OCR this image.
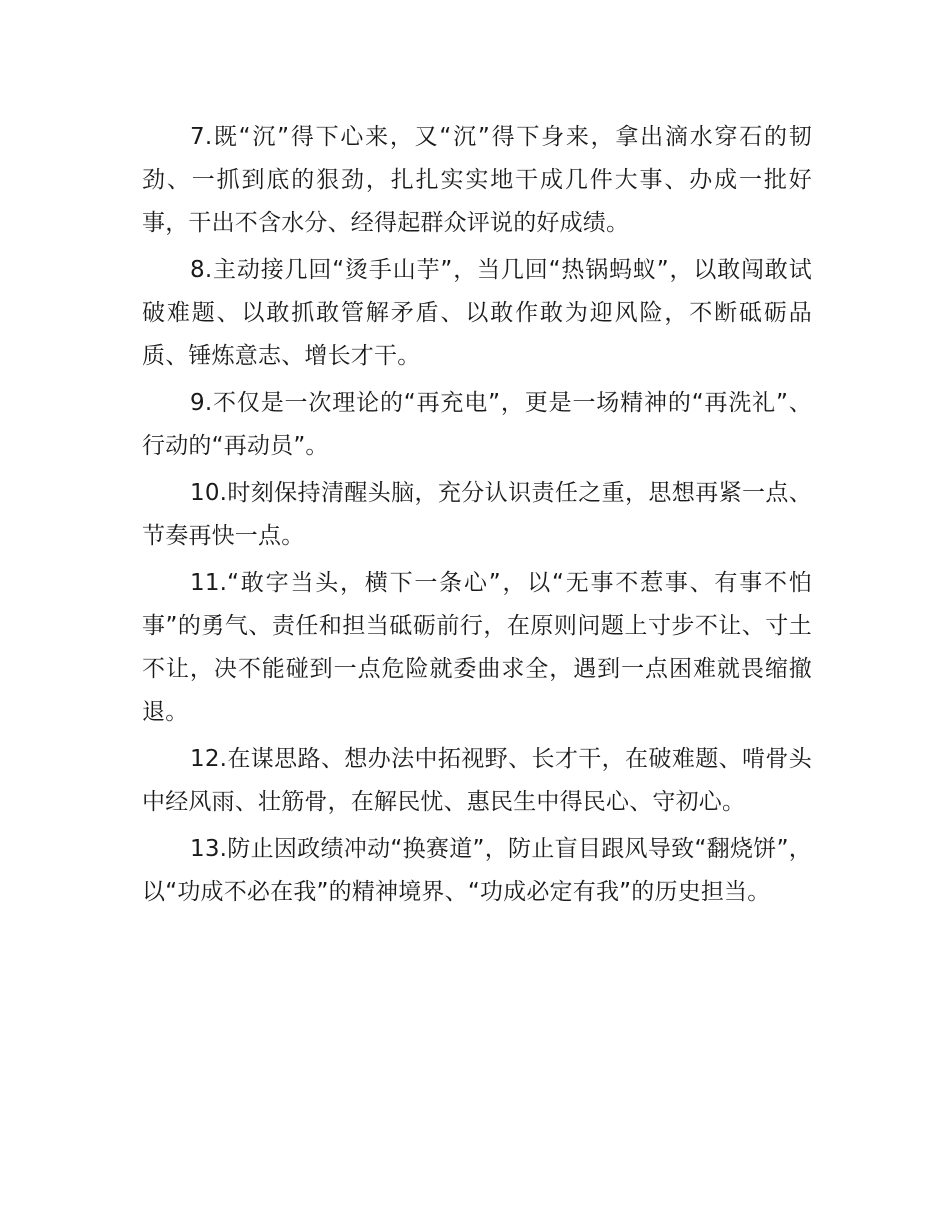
7.既“沉”得下心来，又“沉”得下身来，拿出滴水穿石的韧劲、一抓到底的狠劲，扎扎实实地干成几件大事、办成一批好事，干出不含水分、经得起群众评说的好成绩。

8.主动接几回“烫手山芋”，当几回“热锅蚂蚁”，以敢闯敢试破难题、以敢抓敢管解矛盾、以敢作敢为迎风险，不断砥砺品质、锤炼意志、增长才干。

9.不仅是一次理论的“再充电”，更是一场精神的“再洗礼”、行动的“再动员”。

10.时刻保持清醒头脑，充分认识责任之重，思想再紧一点、节奏再快一点。

11.“敢字当头，横下一条心”，以“无事不惹事、有事不怕事”的勇气、责任和担当砥砺前行，在原则问题上寸步不让、寸土不让，决不能碰到一点危险就委曲求全，遇到一点困难就畏缩撤退。

12.在谋思路、想办法中拓视野、长才干，在破难题、啃骨头中经风雨、壮筋骨，在解民忧、惠民生中得民心、守初心。

13.防止因政绩冲动“换赛道”，防止盲目跟风导致“翻烧饼”，以“功成不必在我”的精神境界、“功成必定有我”的历史担当。
